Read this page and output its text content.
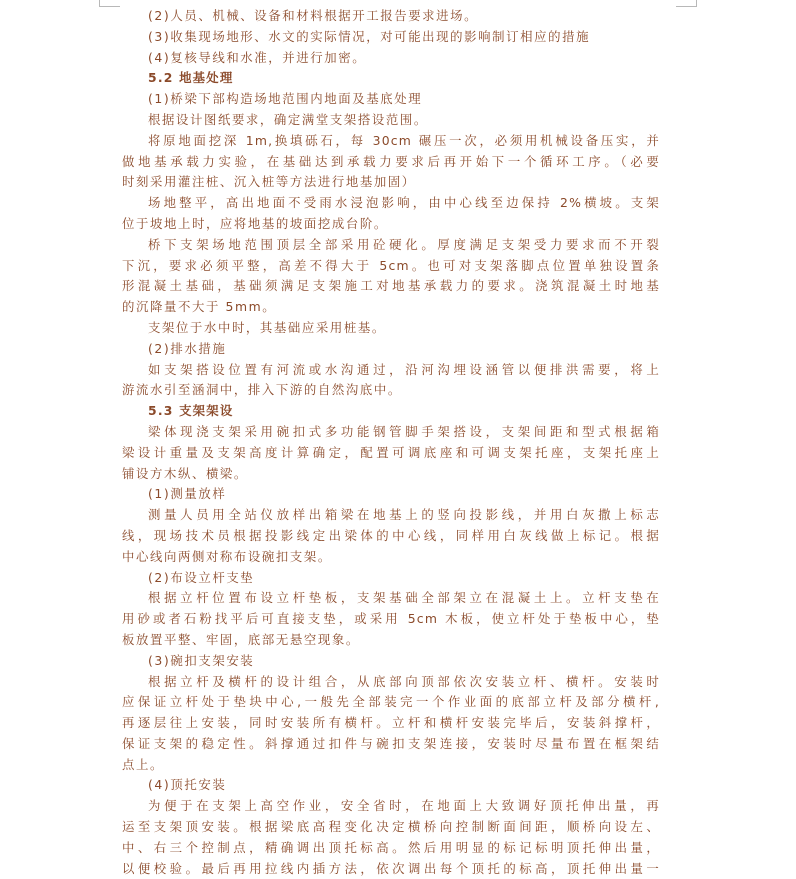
(2)人员、机械、设备和材料根据开工报告要求进场。
(3)收集现场地形、水文的实际情况，对可能出现的影响制订相应的措施
(4)复核导线和水准，并进行加密。
5.2 地基处理
(1)桥梁下部构造场地范围内地面及基底处理
根据设计图纸要求，确定满堂支架搭设范围。
将原地面挖深 1m,换填砾石，每 30cm 碾压一次，必须用机械设备压实，并
做地基承载力实验，在基础达到承载力要求后再开始下一个循环工序。（必要
时刻采用灌注桩、沉入桩等方法进行地基加固）
场地整平，高出地面不受雨水浸泡影响，由中心线至边保持 2%横坡。支架
位于坡地上时，应将地基的坡面挖成台阶。
桥下支架场地范围顶层全部采用砼硬化。厚度满足支架受力要求而不开裂
下沉，要求必须平整，高差不得大于 5cm。也可对支架落脚点位置单独设置条
形混凝土基础，基础须满足支架施工对地基承载力的要求。浇筑混凝土时地基
的沉降量不大于 5mm。
支架位于水中时，其基础应采用桩基。
(2)排水措施
如支架搭设位置有河流或水沟通过，沿河沟埋设涵管以便排洪需要，将上
游流水引至涵洞中，排入下游的自然沟底中。
5.3 支架架设
梁体现浇支架采用碗扣式多功能钢管脚手架搭设，支架间距和型式根据箱
梁设计重量及支架高度计算确定，配置可调底座和可调支架托座，支架托座上
铺设方木纵、横梁。
(1)测量放样
测量人员用全站仪放样出箱梁在地基上的竖向投影线，并用白灰撒上标志
线，现场技术员根据投影线定出梁体的中心线，同样用白灰线做上标记。根据
中心线向两侧对称布设碗扣支架。
(2)布设立杆支垫
根据立杆位置布设立杆垫板，支架基础全部架立在混凝土上。立杆支垫在
用砂或者石粉找平后可直接支垫，或采用 5cm 木板，使立杆处于垫板中心，垫
板放置平整、牢固，底部无悬空现象。
(3)碗扣支架安装
根据立杆及横杆的设计组合，从底部向顶部依次安装立杆、横杆。安装时
应保证立杆处于垫块中心,一般先全部装完一个作业面的底部立杆及部分横杆,
再逐层往上安装，同时安装所有横杆。立杆和横杆安装完毕后，安装斜撑杆，
保证支架的稳定性。斜撑通过扣件与碗扣支架连接，安装时尽量布置在框架结
点上。
(4)顶托安装
为便于在支架上高空作业，安全省时，在地面上大致调好顶托伸出量，再
运至支架顶安装。根据梁底高程变化决定横桥向控制断面间距，顺桥向设左、
中、右三个控制点，精确调出顶托标高。然后用明显的标记标明顶托伸出量，
以便校验。最后再用拉线内插方法，依次调出每个顶托的标高，顶托伸出量一
